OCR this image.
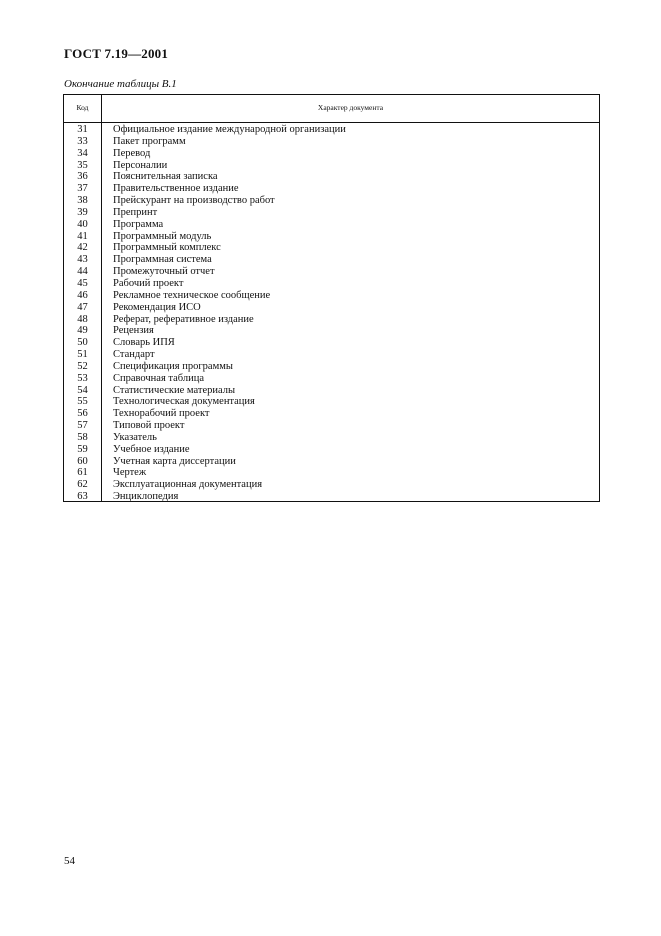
ГОСТ 7.19—2001
Окончание таблицы В.1
Код	Характер документа
31	Официальное издание международной организации
33	Пакет программ
34	Перевод
35	Персоналии
36	Пояснительная записка
37	Правительственное издание
38	Прейскурант на производство работ
39	Препринт
40	Программа
41	Программный модуль
42	Программный комплекс
43	Программная система
44	Промежуточный отчет
45	Рабочий проект
46	Рекламное техническое сообщение
47	Рекомендация ИСО
48	Реферат, реферативное издание
49	Рецензия
50	Словарь ИПЯ
51	Стандарт
52	Спецификация программы
53	Справочная таблица
54	Статистические материалы
55	Технологическая документация
56	Технорабочий проект
57	Типовой проект
58	Указатель
59	Учебное издание
60	Учетная карта диссертации
61	Чертеж
62	Эксплуатационная документация
63	Энциклопедия
54
